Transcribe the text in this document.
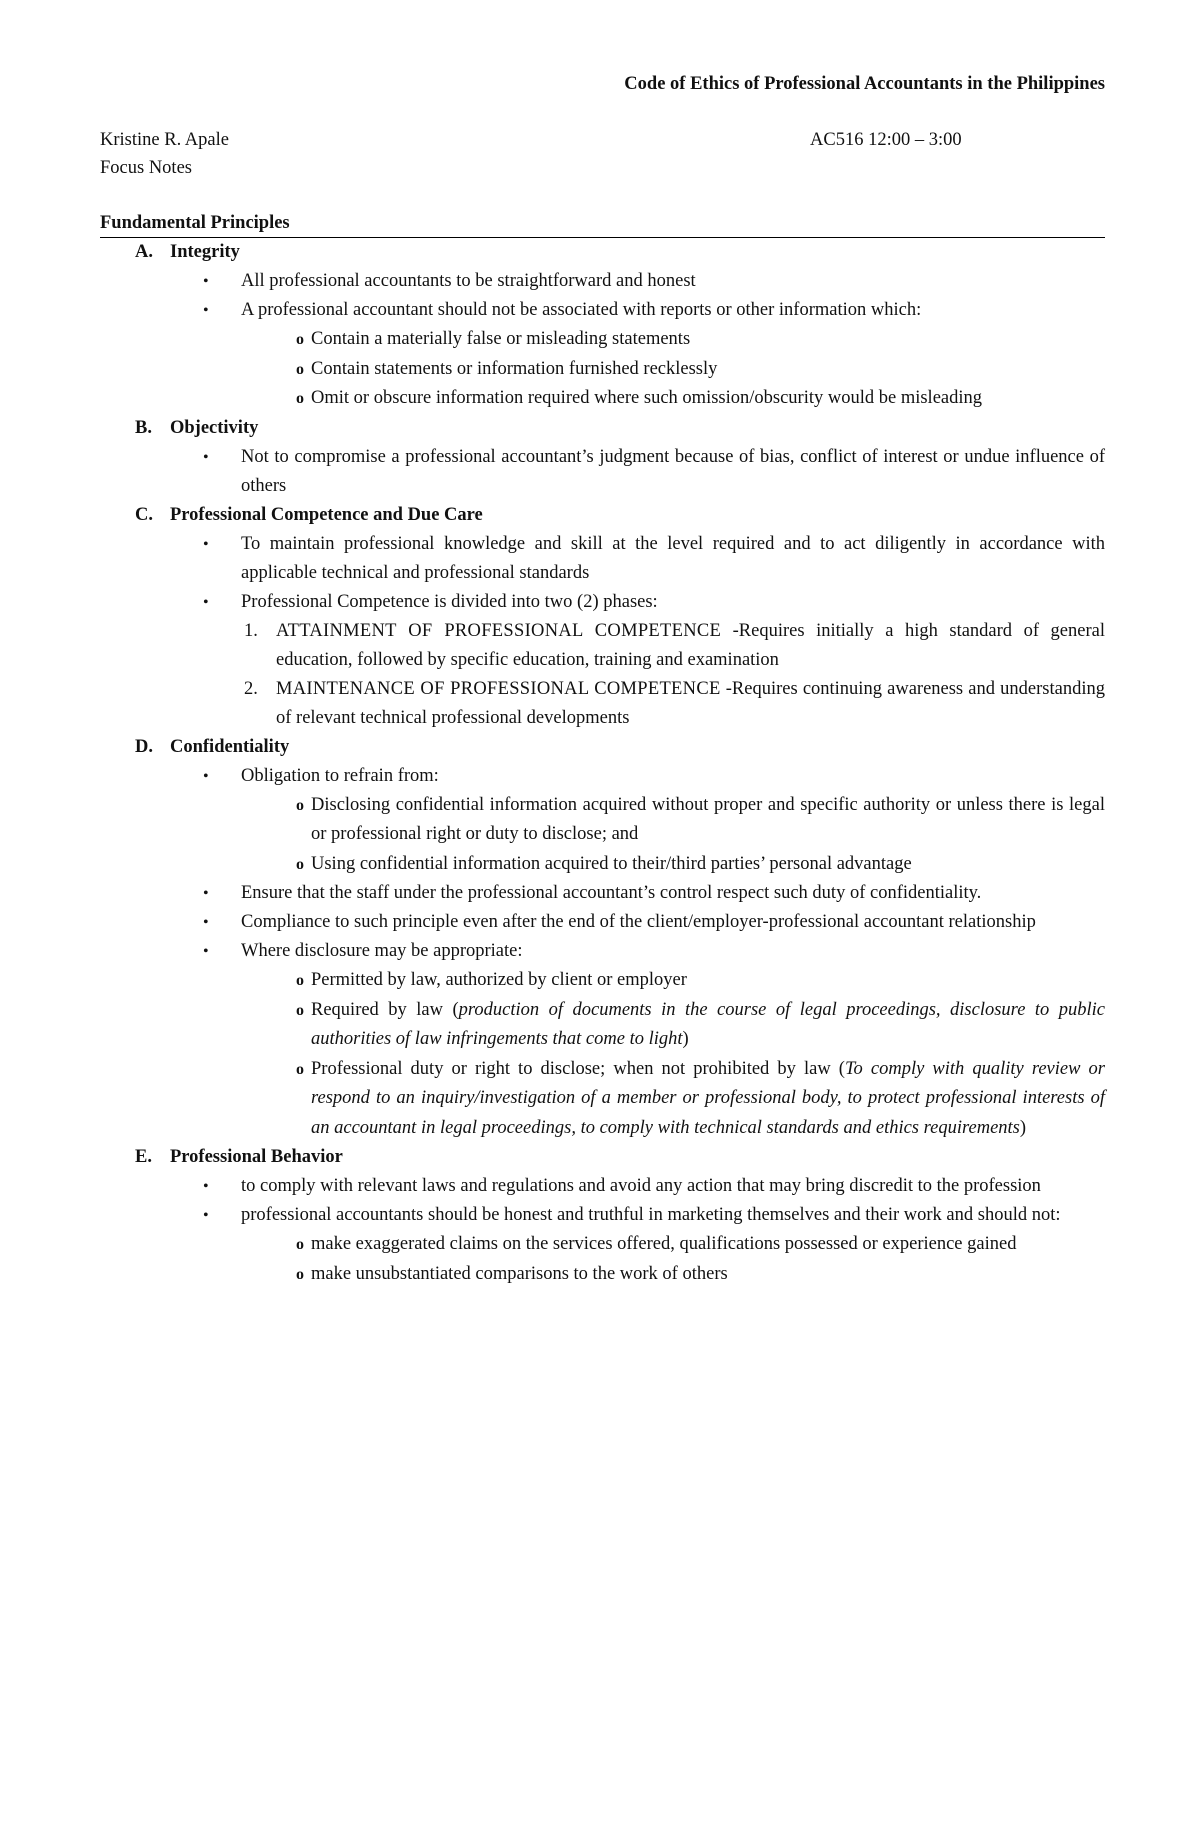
Code of Ethics of Professional Accountants in the Philippines

Kristine R. Apale	AC516 12:00 – 3:00
Focus Notes
Fundamental Principles
A. Integrity
• All professional accountants to be straightforward and honest
• A professional accountant should not be associated with reports or other information which:
o Contain a materially false or misleading statements
o Contain statements or information furnished recklessly
o Omit or obscure information required where such omission/obscurity would be misleading
B. Objectivity
• Not to compromise a professional accountant’s judgment because of bias, conflict of interest or undue influence of others
C. Professional Competence and Due Care
• To maintain professional knowledge and skill at the level required and to act diligently in accordance with applicable technical and professional standards
• Professional Competence is divided into two (2) phases:
1. ATTAINMENT OF PROFESSIONAL COMPETENCE -Requires initially a high standard of general education, followed by specific education, training and examination
2. MAINTENANCE OF PROFESSIONAL COMPETENCE -Requires continuing awareness and understanding of relevant technical professional developments
D. Confidentiality
• Obligation to refrain from:
o Disclosing confidential information acquired without proper and specific authority or unless there is legal or professional right or duty to disclose; and
o Using confidential information acquired to their/third parties’ personal advantage
• Ensure that the staff under the professional accountant’s control respect such duty of confidentiality.
• Compliance to such principle even after the end of the client/employer-professional accountant relationship
• Where disclosure may be appropriate:
o Permitted by law, authorized by client or employer
o Required by law (production of documents in the course of legal proceedings, disclosure to public authorities of law infringements that come to light)
o Professional duty or right to disclose; when not prohibited by law (To comply with quality review or respond to an inquiry/investigation of a member or professional body, to protect professional interests of an accountant in legal proceedings, to comply with technical standards and ethics requirements)
E. Professional Behavior
• to comply with relevant laws and regulations and avoid any action that may bring discredit to the profession
• professional accountants should be honest and truthful in marketing themselves and their work and should not:
o make exaggerated claims on the services offered, qualifications possessed or experience gained
o make unsubstantiated comparisons to the work of others
